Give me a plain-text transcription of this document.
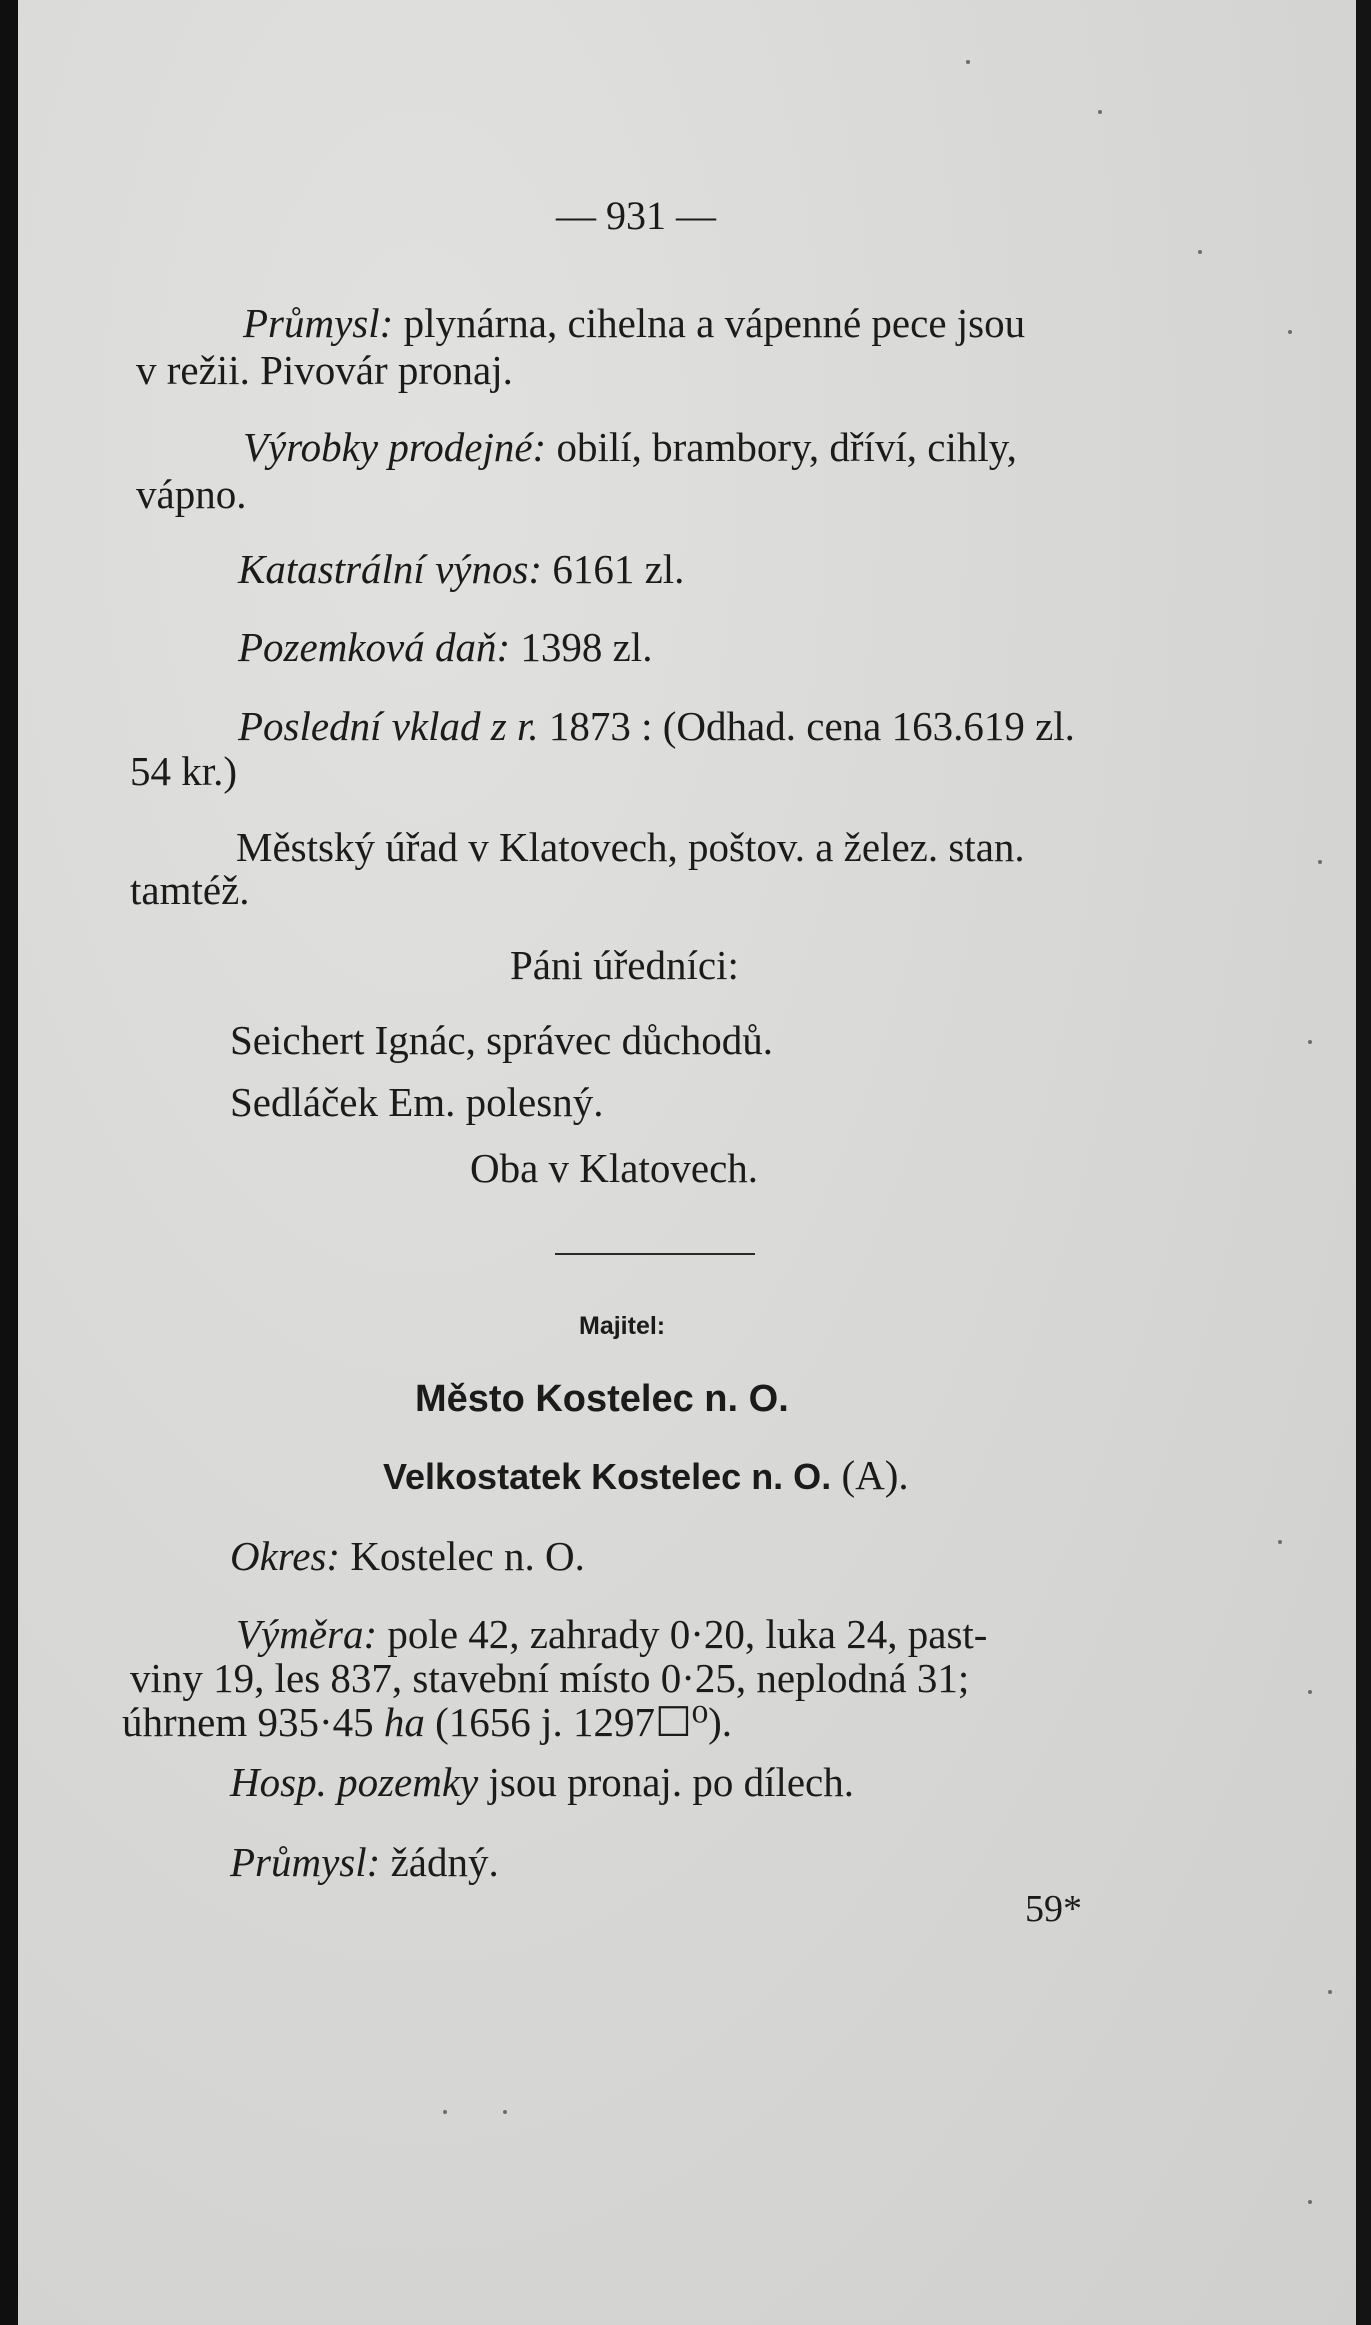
— 931 —
Průmysl: plynárna, cihelna a vápenné pece jsou
v režii. Pivovár pronaj.
Výrobky prodejné: obilí, brambory, dříví, cihly,
vápno.
Katastrální výnos: 6161 zl.
Pozemková daň: 1398 zl.
Poslední vklad z r. 1873 : (Odhad. cena 163.619 zl.
54 kr.)
Městský úřad v Klatovech, poštov. a želez. stan.
tamtéž.
Páni úředníci:
Seichert Ignác, správec důchodů.
Sedláček Em. polesný.
Oba v Klatovech.
Majitel:
Město Kostelec n. O.
Velkostatek Kostelec n. O. (A).
Okres: Kostelec n. O.
Výměra: pole 42, zahrady 0·20, luka 24, past-
viny 19, les 837, stavební místo 0·25, neplodná 31;
úhrnem 935·45 ha (1656 j. 1297☐⁰).
Hosp. pozemky jsou pronaj. po dílech.
Průmysl: žádný.
59*
